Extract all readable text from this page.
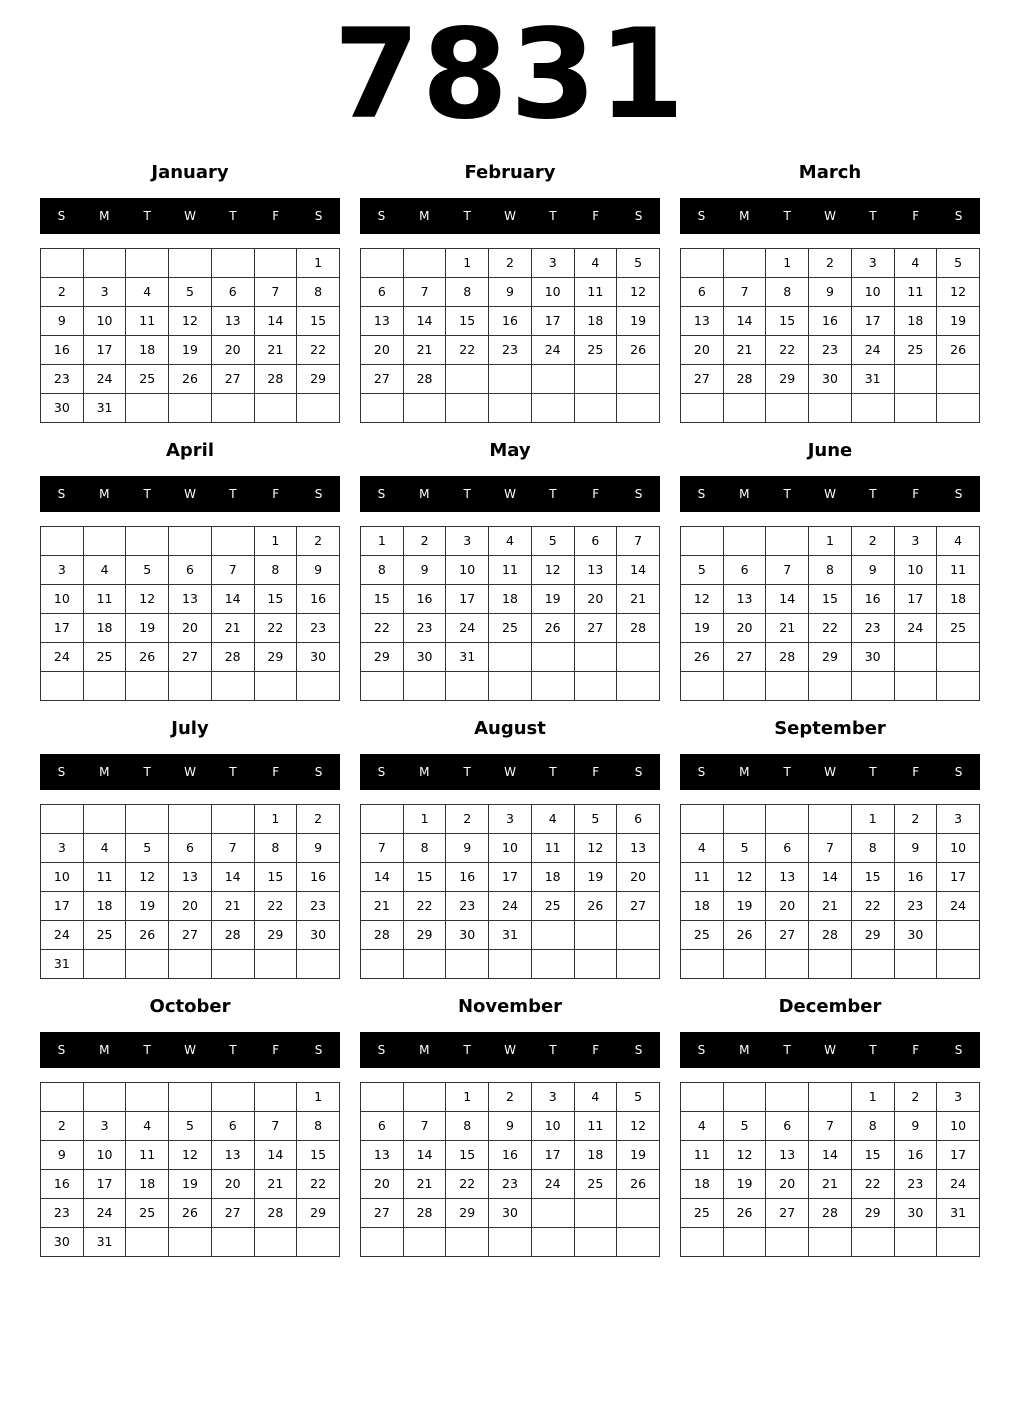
7831
January
S	M	T	W	T	F	S
						1
2	3	4	5	6	7	8
9	10	11	12	13	14	15
16	17	18	19	20	21	22
23	24	25	26	27	28	29
30	31					
February
S	M	T	W	T	F	S
		1	2	3	4	5
6	7	8	9	10	11	12
13	14	15	16	17	18	19
20	21	22	23	24	25	26
27	28					

March
S	M	T	W	T	F	S
		1	2	3	4	5
6	7	8	9	10	11	12
13	14	15	16	17	18	19
20	21	22	23	24	25	26
27	28	29	30	31		

April
S	M	T	W	T	F	S
					1	2
3	4	5	6	7	8	9
10	11	12	13	14	15	16
17	18	19	20	21	22	23
24	25	26	27	28	29	30

May
S	M	T	W	T	F	S
1	2	3	4	5	6	7
8	9	10	11	12	13	14
15	16	17	18	19	20	21
22	23	24	25	26	27	28
29	30	31				

June
S	M	T	W	T	F	S
			1	2	3	4
5	6	7	8	9	10	11
12	13	14	15	16	17	18
19	20	21	22	23	24	25
26	27	28	29	30		

July
S	M	T	W	T	F	S
					1	2
3	4	5	6	7	8	9
10	11	12	13	14	15	16
17	18	19	20	21	22	23
24	25	26	27	28	29	30
31						
August
S	M	T	W	T	F	S
	1	2	3	4	5	6
7	8	9	10	11	12	13
14	15	16	17	18	19	20
21	22	23	24	25	26	27
28	29	30	31			

September
S	M	T	W	T	F	S
				1	2	3
4	5	6	7	8	9	10
11	12	13	14	15	16	17
18	19	20	21	22	23	24
25	26	27	28	29	30	

October
S	M	T	W	T	F	S
						1
2	3	4	5	6	7	8
9	10	11	12	13	14	15
16	17	18	19	20	21	22
23	24	25	26	27	28	29
30	31					
November
S	M	T	W	T	F	S
		1	2	3	4	5
6	7	8	9	10	11	12
13	14	15	16	17	18	19
20	21	22	23	24	25	26
27	28	29	30			

December
S	M	T	W	T	F	S
				1	2	3
4	5	6	7	8	9	10
11	12	13	14	15	16	17
18	19	20	21	22	23	24
25	26	27	28	29	30	31
